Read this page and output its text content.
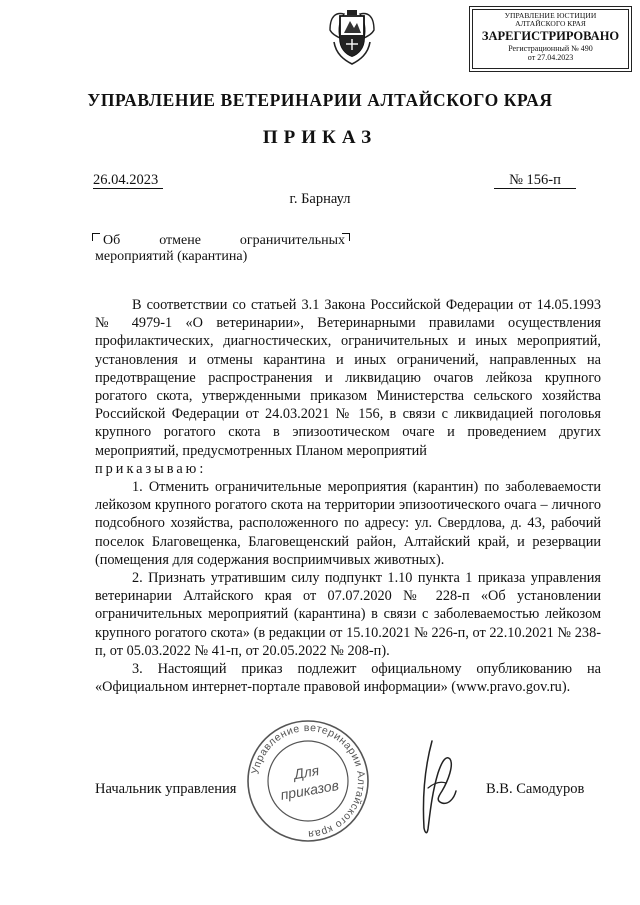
УПРАВЛЕНИЕ ЮСТИЦИИ
АЛТАЙСКОГО КРАЯ
ЗАРЕГИСТРИРОВАНО
Регистрационный № 490
от 27.04.2023
УПРАВЛЕНИЕ ВЕТЕРИНАРИИ АЛТАЙСКОГО КРАЯ
ПРИКАЗ
26.04.2023	№ 156-п
г. Барнаул
Об	отмене	ограничительных
мероприятий (карантина)

В соответствии со статьей 3.1 Закона Российской Федерации от 14.05.1993 № 4979-1 «О ветеринарии», Ветеринарными правилами осуществления профилактических, диагностических, ограничительных и иных мероприятий, установления и отмены карантина и иных ограничений, направленных на предотвращение распространения и ликвидацию очагов лейкоза крупного рогатого скота, утвержденными приказом Министерства сельского хозяйства Российской Федерации от 24.03.2021 № 156, в связи с ликвидацией поголовья крупного рогатого скота в эпизоотическом очаге и проведением других мероприятий, предусмотренных Планом мероприятий

приказываю:

1. Отменить ограничительные мероприятия (карантин) по заболеваемости лейкозом крупного рогатого скота на территории эпизоотического очага – личного подсобного хозяйства, расположенного по адресу: ул. Свердлова, д. 43, рабочий поселок Благовещенка, Благовещенский район, Алтайский край, и резервации (помещения для содержания восприимчивых животных).

2. Признать утратившим силу подпункт 1.10 пункта 1 приказа управления ветеринарии Алтайского края от 07.07.2020 № 228-п «Об установлении ограничительных мероприятий (карантина) в связи с заболеваемостью лейкозом крупного рогатого скота» (в редакции от 15.10.2021 № 226-п, от 22.10.2021 № 238-п, от 05.03.2022 № 41-п, от 20.05.2022 № 208-п).

3. Настоящий приказ подлежит официальному опубликованию на «Официальном интернет-портале правовой информации» (www.pravo.gov.ru).

Начальник управления	В.В. Самодуров
Управление ветеринарии Алтайского края
Для
приказов
